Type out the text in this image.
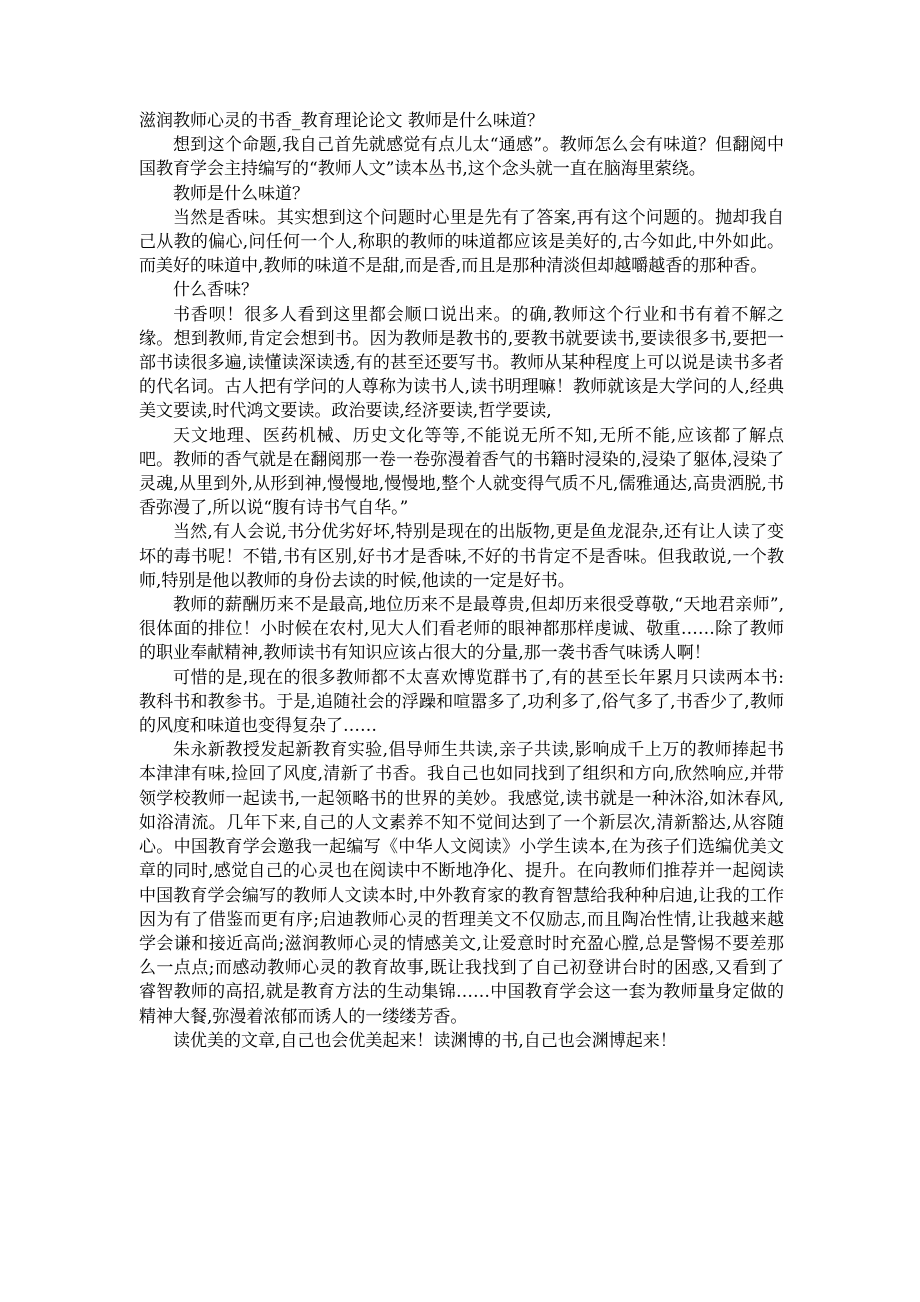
滋润教师心灵的书香_教育理论论文 教师是什么味道？

想到这个命题,我自己首先就感觉有点儿太“通感”。教师怎么会有味道？但翻阅中国教育学会主持编写的“教师人文”读本丛书,这个念头就一直在脑海里萦绕。

教师是什么味道？

当然是香味。其实想到这个问题时心里是先有了答案,再有这个问题的。抛却我自己从教的偏心,问任何一个人,称职的教师的味道都应该是美好的,古今如此,中外如此。而美好的味道中,教师的味道不是甜,而是香,而且是那种清淡但却越嚼越香的那种香。

什么香味？

书香呗！很多人看到这里都会顺口说出来。的确,教师这个行业和书有着不解之缘。想到教师,肯定会想到书。因为教师是教书的,要教书就要读书,要读很多书,要把一部书读很多遍,读懂读深读透,有的甚至还要写书。教师从某种程度上可以说是读书多者的代名词。古人把有学问的人尊称为读书人,读书明理嘛！教师就该是大学问的人,经典美文要读,时代鸿文要读。政治要读,经济要读,哲学要读,

天文地理、医药机械、历史文化等等,不能说无所不知,无所不能,应该都了解点吧。教师的香气就是在翻阅那一卷一卷弥漫着香气的书籍时浸染的,浸染了躯体,浸染了灵魂,从里到外,从形到神,慢慢地,慢慢地,整个人就变得气质不凡,儒雅通达,高贵洒脱,书香弥漫了,所以说“腹有诗书气自华。”

当然,有人会说,书分优劣好坏,特别是现在的出版物,更是鱼龙混杂,还有让人读了变坏的毒书呢！不错,书有区别,好书才是香味,不好的书肯定不是香味。但我敢说,一个教师,特别是他以教师的身份去读的时候,他读的一定是好书。

教师的薪酬历来不是最高,地位历来不是最尊贵,但却历来很受尊敬,“天地君亲师”,很体面的排位！小时候在农村,见大人们看老师的眼神都那样虔诚、敬重……除了教师的职业奉献精神,教师读书有知识应该占很大的分量,那一袭书香气味诱人啊！

可惜的是,现在的很多教师都不太喜欢博览群书了,有的甚至长年累月只读两本书:教科书和教参书。于是,追随社会的浮躁和喧嚣多了,功利多了,俗气多了,书香少了,教师的风度和味道也变得复杂了……

朱永新教授发起新教育实验,倡导师生共读,亲子共读,影响成千上万的教师捧起书本津津有味,捡回了风度,清新了书香。我自己也如同找到了组织和方向,欣然响应,并带领学校教师一起读书,一起领略书的世界的美妙。我感觉,读书就是一种沐浴,如沐春风,如浴清流。几年下来,自己的人文素养不知不觉间达到了一个新层次,清新豁达,从容随心。中国教育学会邀我一起编写《中华人文阅读》小学生读本,在为孩子们选编优美文章的同时,感觉自己的心灵也在阅读中不断地净化、提升。在向教师们推荐并一起阅读中国教育学会编写的教师人文读本时,中外教育家的教育智慧给我种种启迪,让我的工作因为有了借鉴而更有序;启迪教师心灵的哲理美文不仅励志,而且陶冶性情,让我越来越学会谦和接近高尚;滋润教师心灵的情感美文,让爱意时时充盈心膛,总是警惕不要差那么一点点;而感动教师心灵的教育故事,既让我找到了自己初登讲台时的困惑,又看到了睿智教师的高招,就是教育方法的生动集锦……中国教育学会这一套为教师量身定做的精神大餐,弥漫着浓郁而诱人的一缕缕芳香。

读优美的文章,自己也会优美起来！读渊博的书,自己也会渊博起来！
